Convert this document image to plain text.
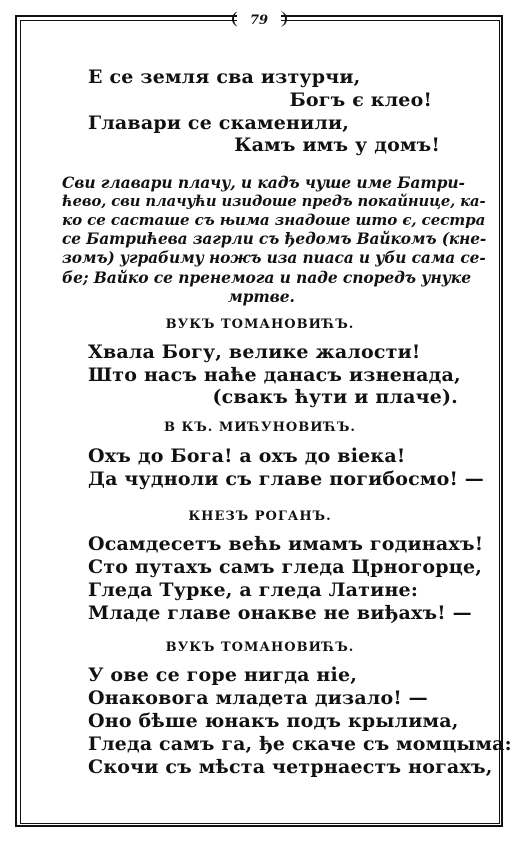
79
Е се земля сва изтурчи,
Богъ є клео!
Главари се скаменили,
Камъ имъ у домъ!
Сви главари плачу, и кадъ чуше име Батри-
ћево, сви плачући изидоше предъ покайнице, ка-
ко се састаше съ њима знадоше што є, сестра
се Батрићева загрли съ ђедомъ Вайкомъ (кне-
зомъ) уграбиму ножъ иза пиаса и уби сама се-
бе; Вайко се пренемога и паде споредъ унуке
мртве.
ВУКЪ ТОМАНОВИЋЪ.
Хвала Богу, велике жалости!
Што насъ наће данасъ изненада,
(свакъ ћути и плаче).
В КЪ. МИЋУНОВИЋЪ.
Охъ до Бога! а охъ до віека!
Да чудноли съ главе погибосмо! —
КНЕЗЪ РОГАНЪ.
Осамдесетъ већь имамъ годинахъ!
Сто путахъ самъ гледа Црногорце,
Гледа Турке, а гледа Латине:
Младе главе онакве не виђахъ! —
ВУКЪ ТОМАНОВИЋЪ.
У ове се горе нигда ніе,
Онаковога младета дизало! —
Оно бѣше юнакъ подъ крылима,
Гледа самъ га, ђе скаче съ момцыма:
Скочи съ мѣста четрнаестъ ногахъ,
